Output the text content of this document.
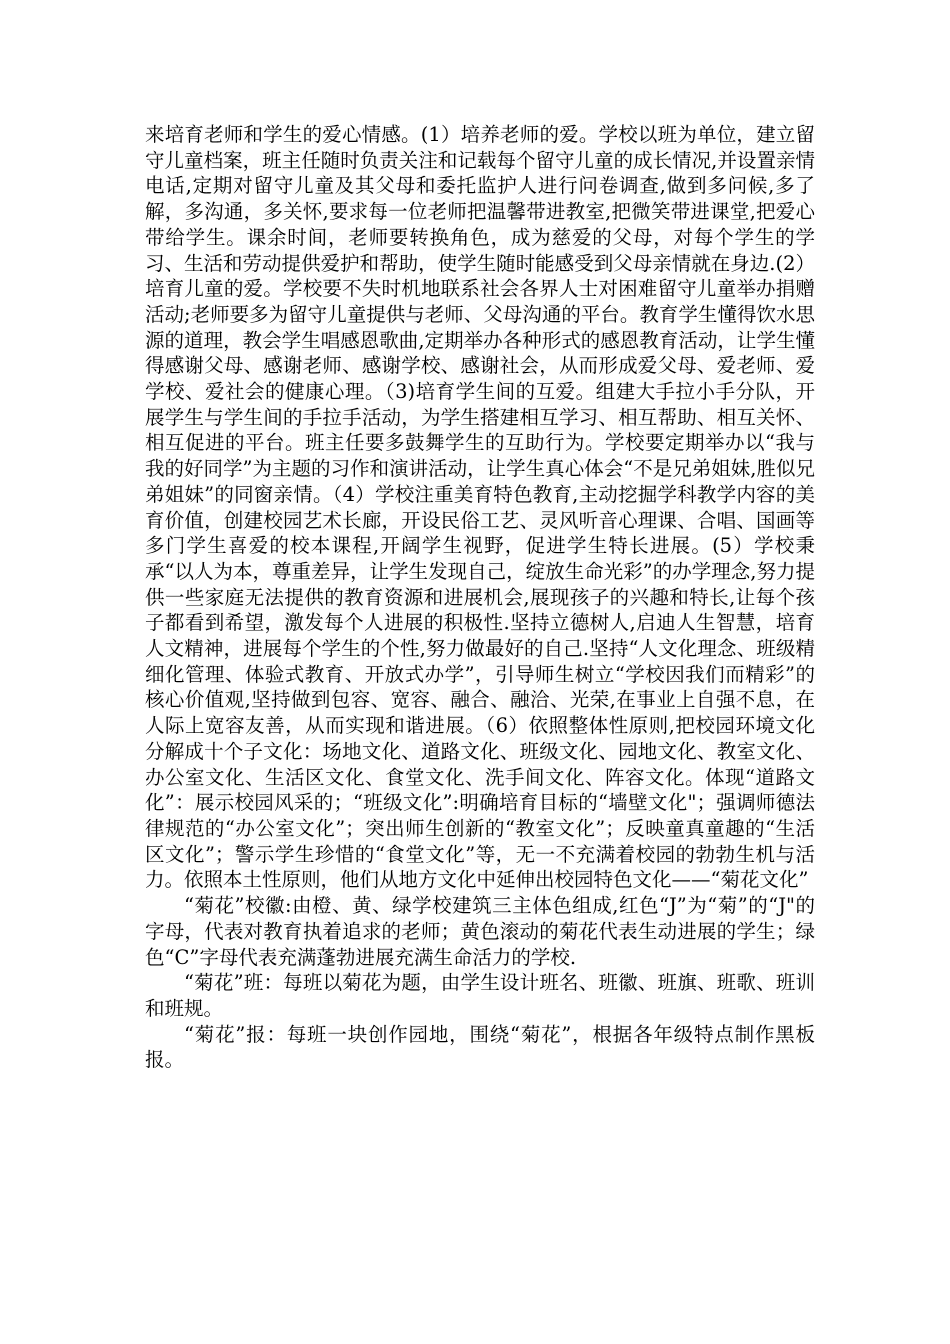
来培育老师和学生的爱心情感。(1）培养老师的爱。学校以班为单位，建立留守儿童档案，班主任随时负责关注和记载每个留守儿童的成长情况,并设置亲情电话,定期对留守儿童及其父母和委托监护人进行问卷调查,做到多问候,多了解，多沟通，多关怀,要求每一位老师把温馨带进教室,把微笑带进课堂,把爱心带给学生。课余时间，老师要转换角色，成为慈爱的父母，对每个学生的学习、生活和劳动提供爱护和帮助，使学生随时能感受到父母亲情就在身边.(2）培育儿童的爱。学校要不失时机地联系社会各界人士对困难留守儿童举办捐赠活动;老师要多为留守儿童提供与老师、父母沟通的平台。教育学生懂得饮水思源的道理，教会学生唱感恩歌曲,定期举办各种形式的感恩教育活动，让学生懂得感谢父母、感谢老师、感谢学校、感谢社会，从而形成爱父母、爱老师、爱学校、爱社会的健康心理。（3)培育学生间的互爱。组建大手拉小手分队，开展学生与学生间的手拉手活动，为学生搭建相互学习、相互帮助、相互关怀、相互促进的平台。班主任要多鼓舞学生的互助行为。学校要定期举办以“我与我的好同学”为主题的习作和演讲活动，让学生真心体会“不是兄弟姐妹,胜似兄弟姐妹”的同窗亲情。（4）学校注重美育特色教育,主动挖掘学科教学内容的美育价值，创建校园艺术长廊，开设民俗工艺、灵风听音心理课、合唱、国画等多门学生喜爱的校本课程,开阔学生视野，促进学生特长进展。(5）学校秉承“以人为本，尊重差异，让学生发现自己，绽放生命光彩”的办学理念,努力提供一些家庭无法提供的教育资源和进展机会,展现孩子的兴趣和特长,让每个孩子都看到希望，激发每个人进展的积极性.坚持立德树人,启迪人生智慧，培育人文精神，进展每个学生的个性,努力做最好的自己.坚持“人文化理念、班级精细化管理、体验式教育、开放式办学”，引导师生树立“学校因我们而精彩”的核心价值观,坚持做到包容、宽容、融合、融洽、光荣,在事业上自强不息，在人际上宽容友善，从而实现和谐进展。（6）依照整体性原则,把校园环境文化分解成十个子文化：场地文化、道路文化、班级文化、园地文化、教室文化、办公室文化、生活区文化、食堂文化、洗手间文化、阵容文化。体现“道路文化”：展示校园风采的；“班级文化”:明确培育目标的“墙壁文化"；强调师德法律规范的“办公室文化”；突出师生创新的“教室文化”；反映童真童趣的“生活区文化”；警示学生珍惜的“食堂文化”等，无一不充满着校园的勃勃生机与活力。依照本土性原则，他们从地方文化中延伸出校园特色文化——“菊花文化”

“菊花”校徽:由橙、黄、绿学校建筑三主体色组成,红色“J”为“菊”的“J"的字母，代表对教育执着追求的老师；黄色滚动的菊花代表生动进展的学生；绿色“C”字母代表充满蓬勃进展充满生命活力的学校.

“菊花”班：每班以菊花为题，由学生设计班名、班徽、班旗、班歌、班训和班规。

“菊花”报：每班一块创作园地，围绕“菊花”，根据各年级特点制作黑板报。
